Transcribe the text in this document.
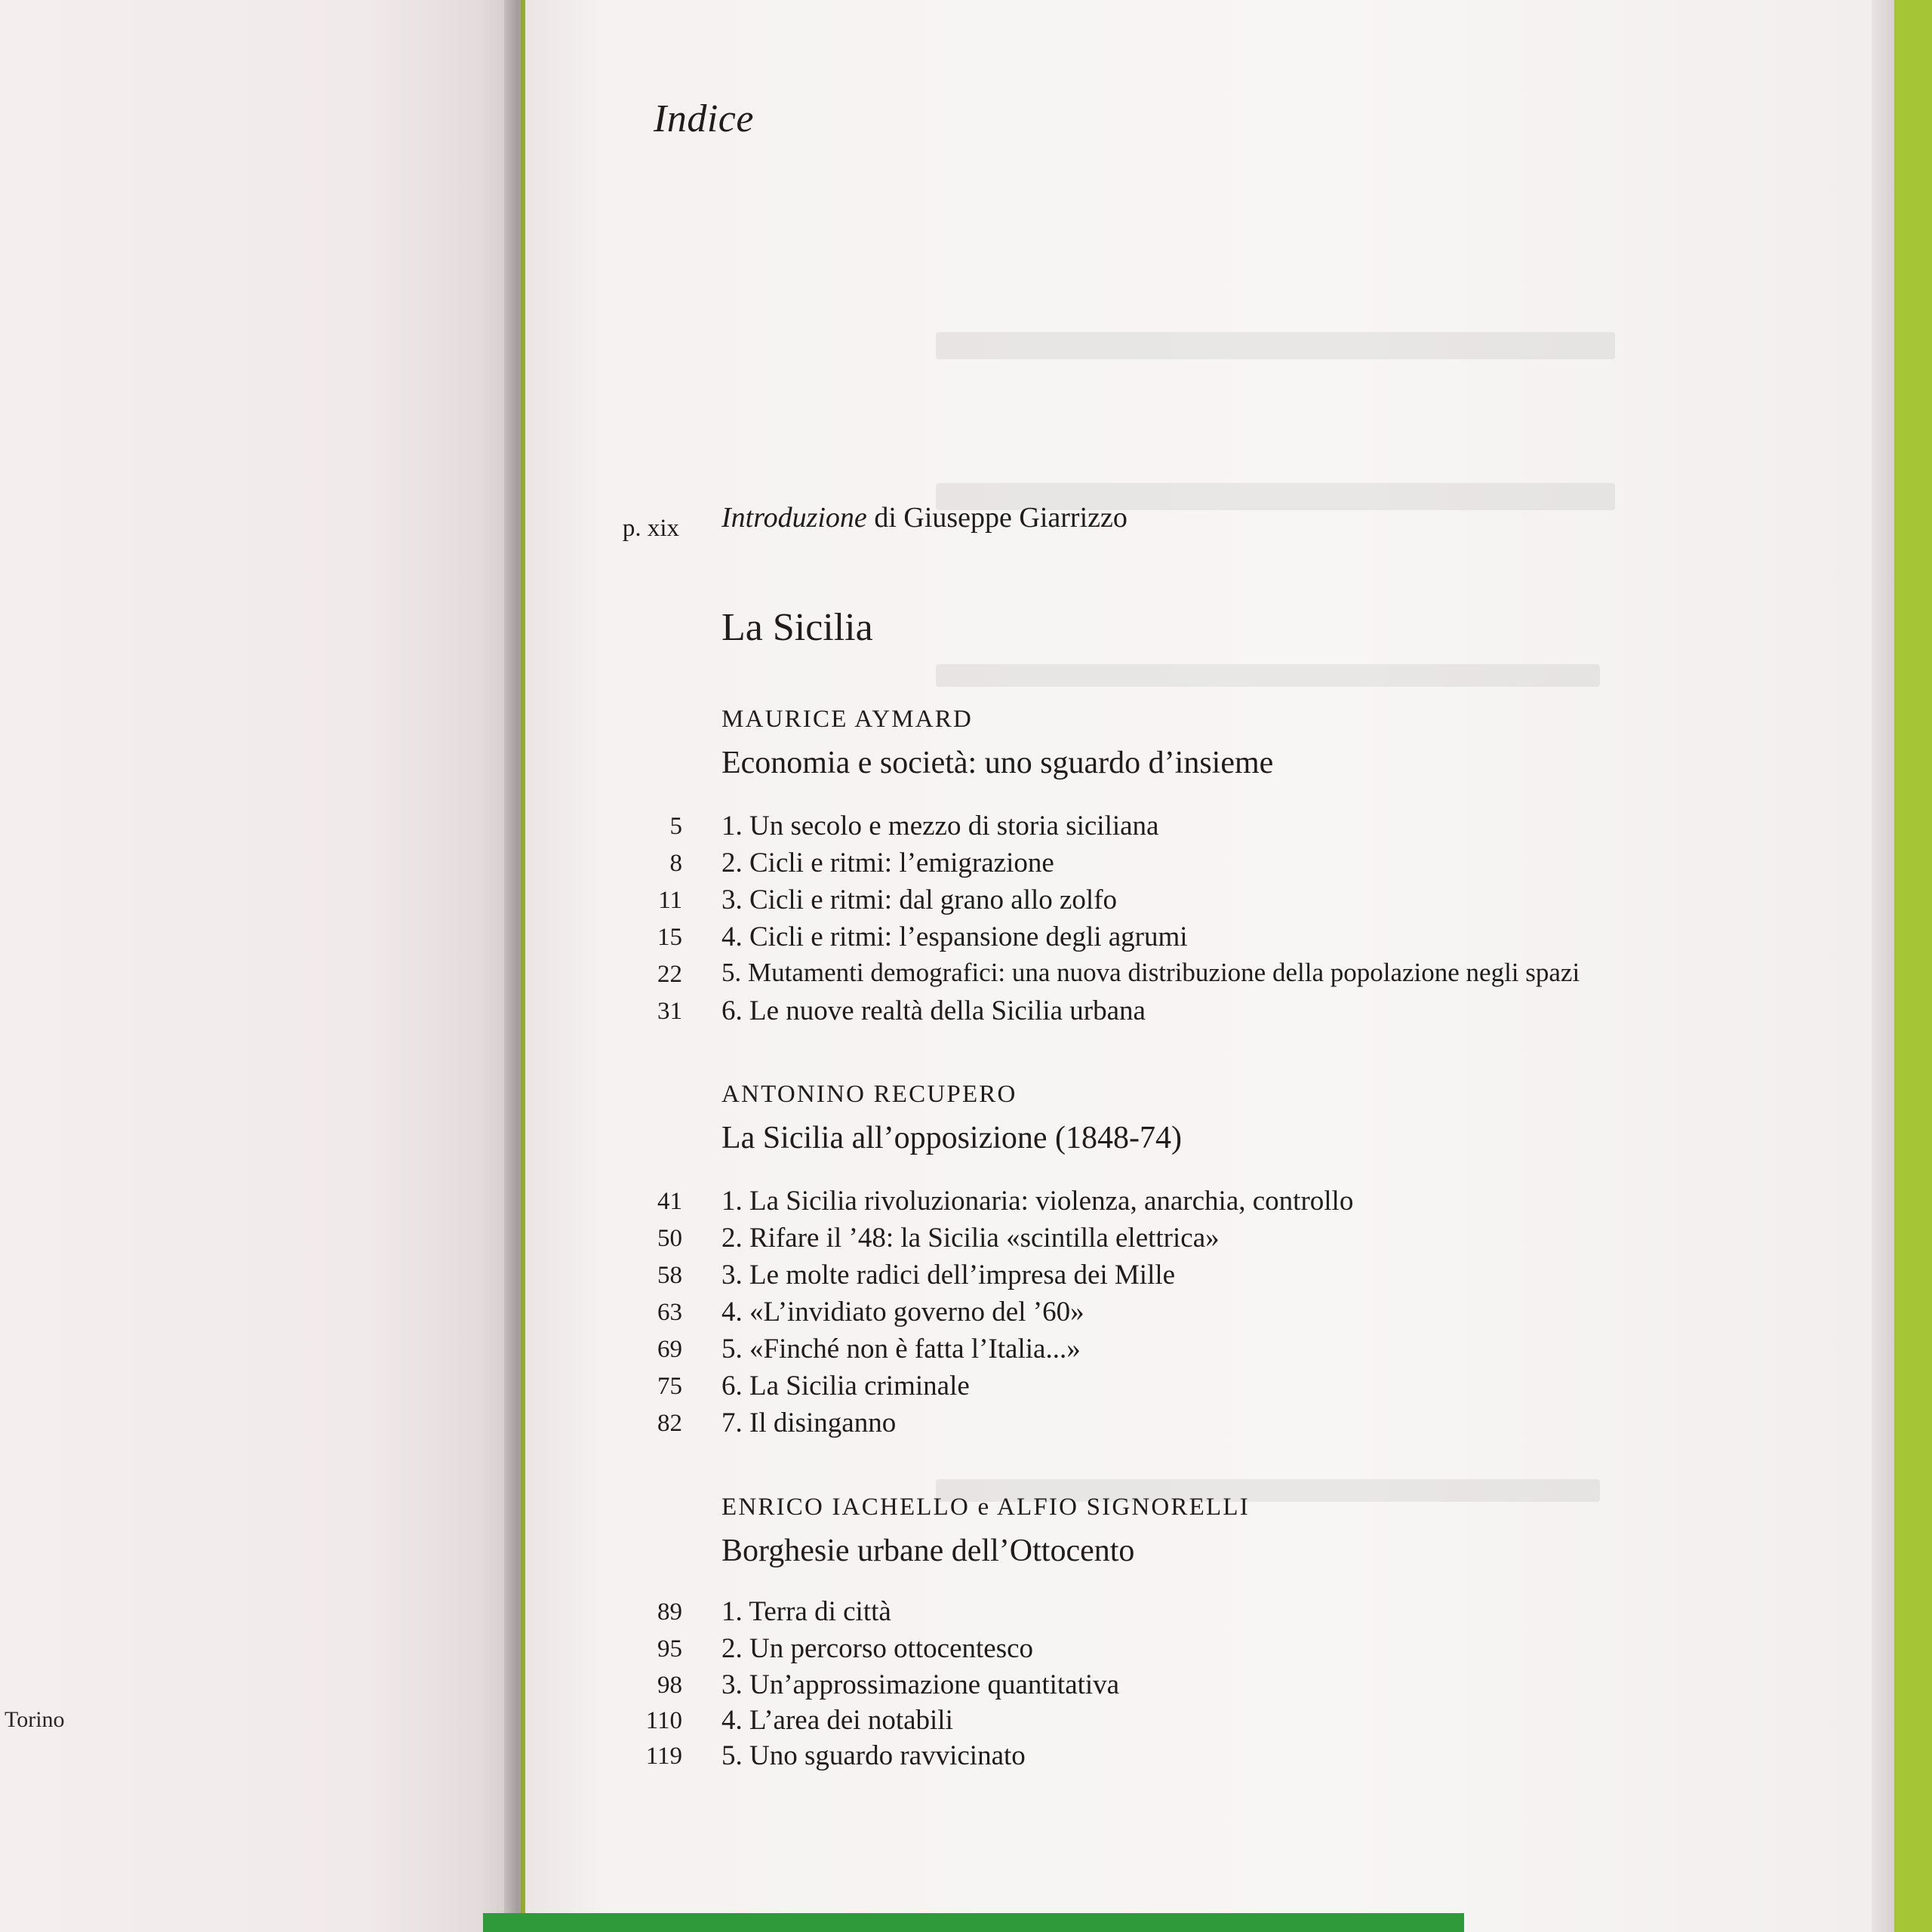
Torino
Indice
p. xix Introduzione di Giuseppe Giarrizzo
La Sicilia
MAURICE AYMARD
Economia e società: uno sguardo d’insieme
5 1. Un secolo e mezzo di storia siciliana
8 2. Cicli e ritmi: l’emigrazione
11 3. Cicli e ritmi: dal grano allo zolfo
15 4. Cicli e ritmi: l’espansione degli agrumi
22 5. Mutamenti demografici: una nuova distribuzione della popolazione negli spazi
31 6. Le nuove realtà della Sicilia urbana
ANTONINO RECUPERO
La Sicilia all’opposizione (1848-74)
41 1. La Sicilia rivoluzionaria: violenza, anarchia, controllo
50 2. Rifare il ’48: la Sicilia «scintilla elettrica»
58 3. Le molte radici dell’impresa dei Mille
63 4. «L’invidiato governo del ’60»
69 5. «Finché non è fatta l’Italia...»
75 6. La Sicilia criminale
82 7. Il disinganno
ENRICO IACHELLO e ALFIO SIGNORELLI
Borghesie urbane dell’Ottocento
89 1. Terra di città
95 2. Un percorso ottocentesco
98 3. Un’approssimazione quantitativa
110 4. L’area dei notabili
119 5. Uno sguardo ravvicinato
